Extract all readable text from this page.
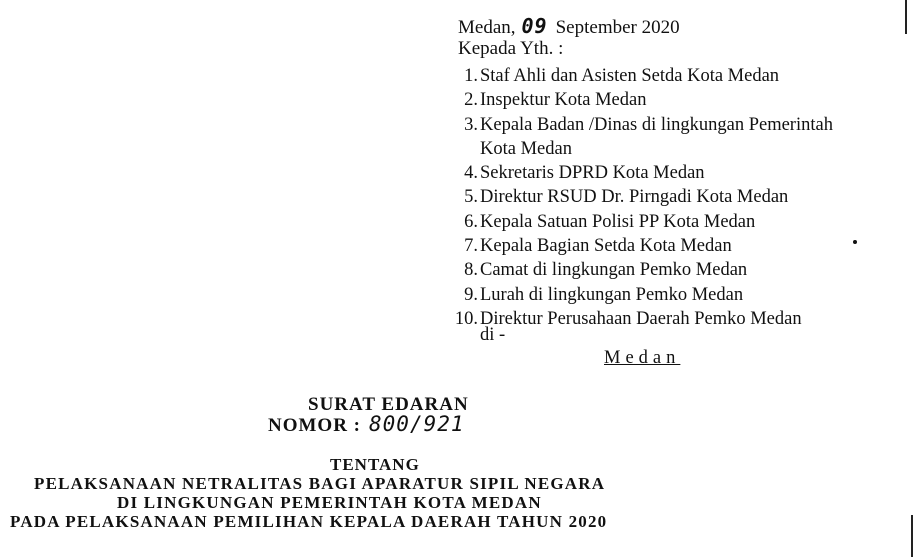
Medan, 09 September 2020
Kepada Yth. :
1. Staf Ahli dan Asisten Setda Kota Medan
2. Inspektur Kota Medan
3. Kepala Badan /Dinas di lingkungan Pemerintah Kota Medan
4. Sekretaris DPRD Kota Medan
5. Direktur RSUD Dr. Pirngadi Kota Medan
6. Kepala Satuan Polisi PP Kota Medan
7. Kepala Bagian Setda Kota Medan
8. Camat di lingkungan Pemko Medan
9. Lurah di lingkungan Pemko Medan
10. Direktur Perusahaan Daerah Pemko Medan
di -
Medan
SURAT EDARAN
NOMOR : 800/921
TENTANG
PELAKSANAAN NETRALITAS BAGI APARATUR SIPIL NEGARA
DI LINGKUNGAN PEMERINTAH KOTA MEDAN
PADA PELAKSANAAN PEMILIHAN KEPALA DAERAH TAHUN 2020
